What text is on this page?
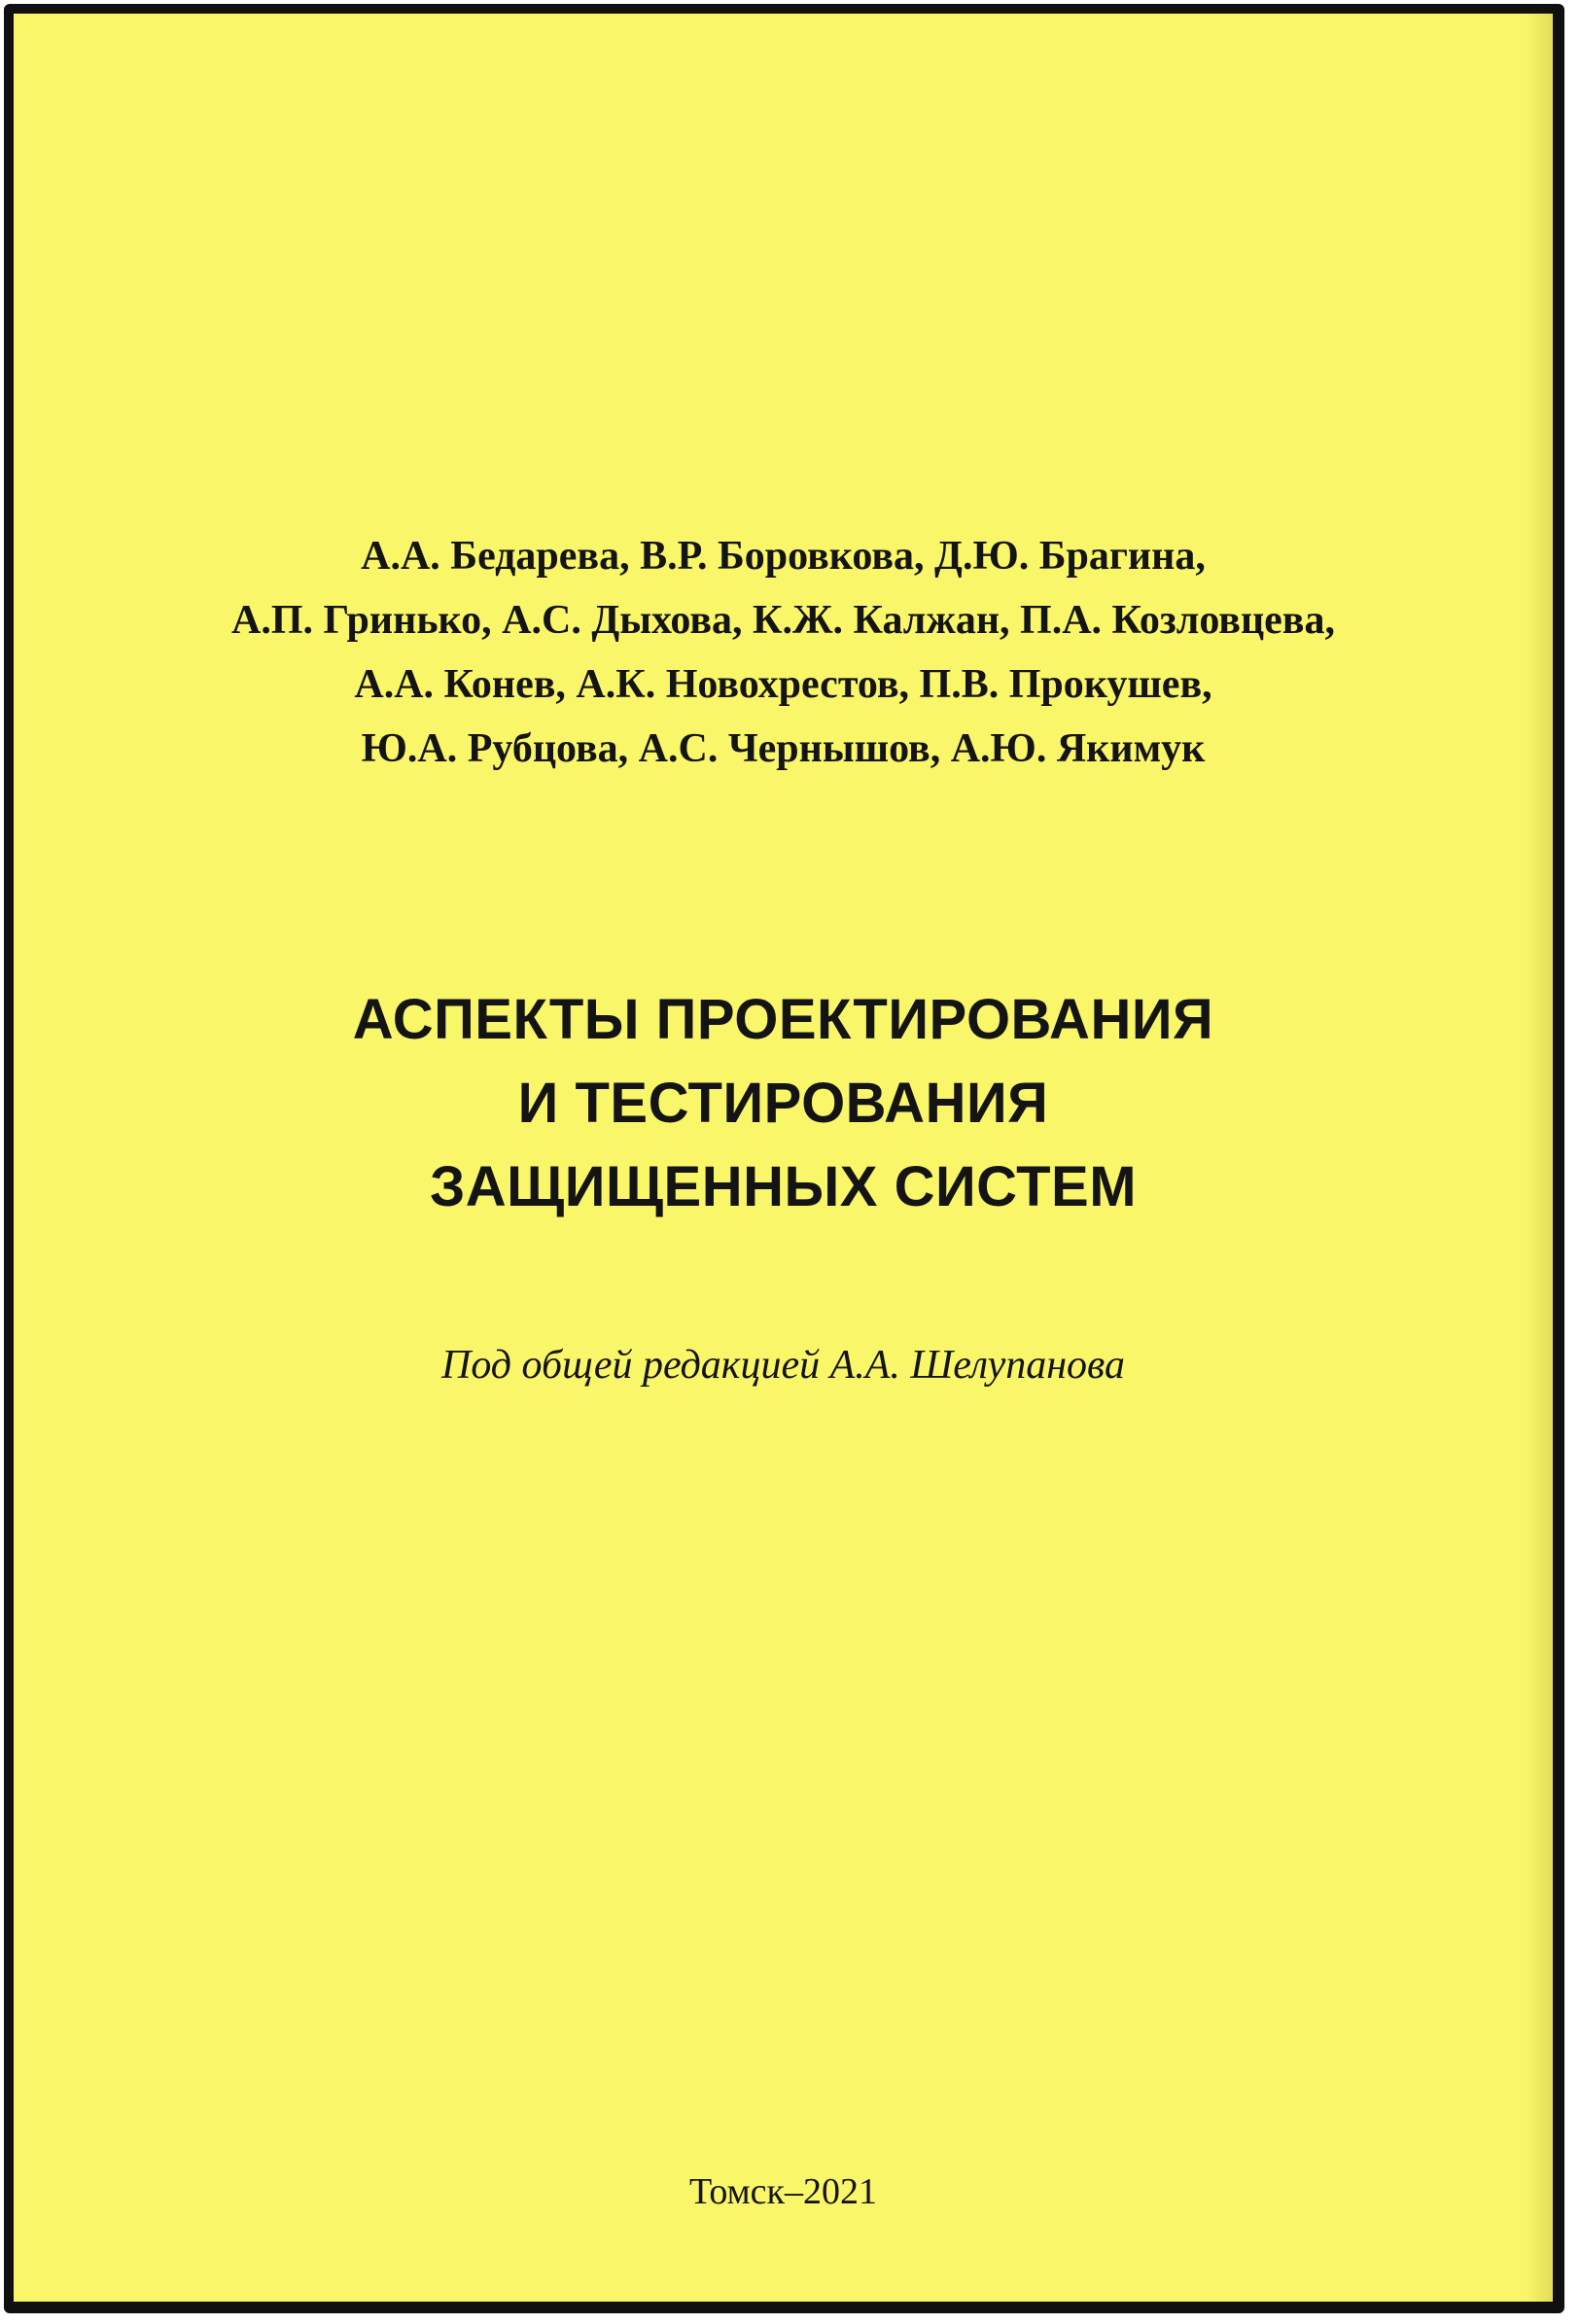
А.А. Бедарева, В.Р. Боровкова, Д.Ю. Брагина,
А.П. Гринько, А.С. Дыхова, К.Ж. Калжан, П.А. Козловцева,
А.А. Конев, А.К. Новохрестов, П.В. Прокушев,
Ю.А. Рубцова, А.С. Чернышов, А.Ю. Якимук
АСПЕКТЫ ПРОЕКТИРОВАНИЯ
И ТЕСТИРОВАНИЯ
ЗАЩИЩЕННЫХ СИСТЕМ
Под общей редакцией А.А. Шелупанова
Томск–2021
